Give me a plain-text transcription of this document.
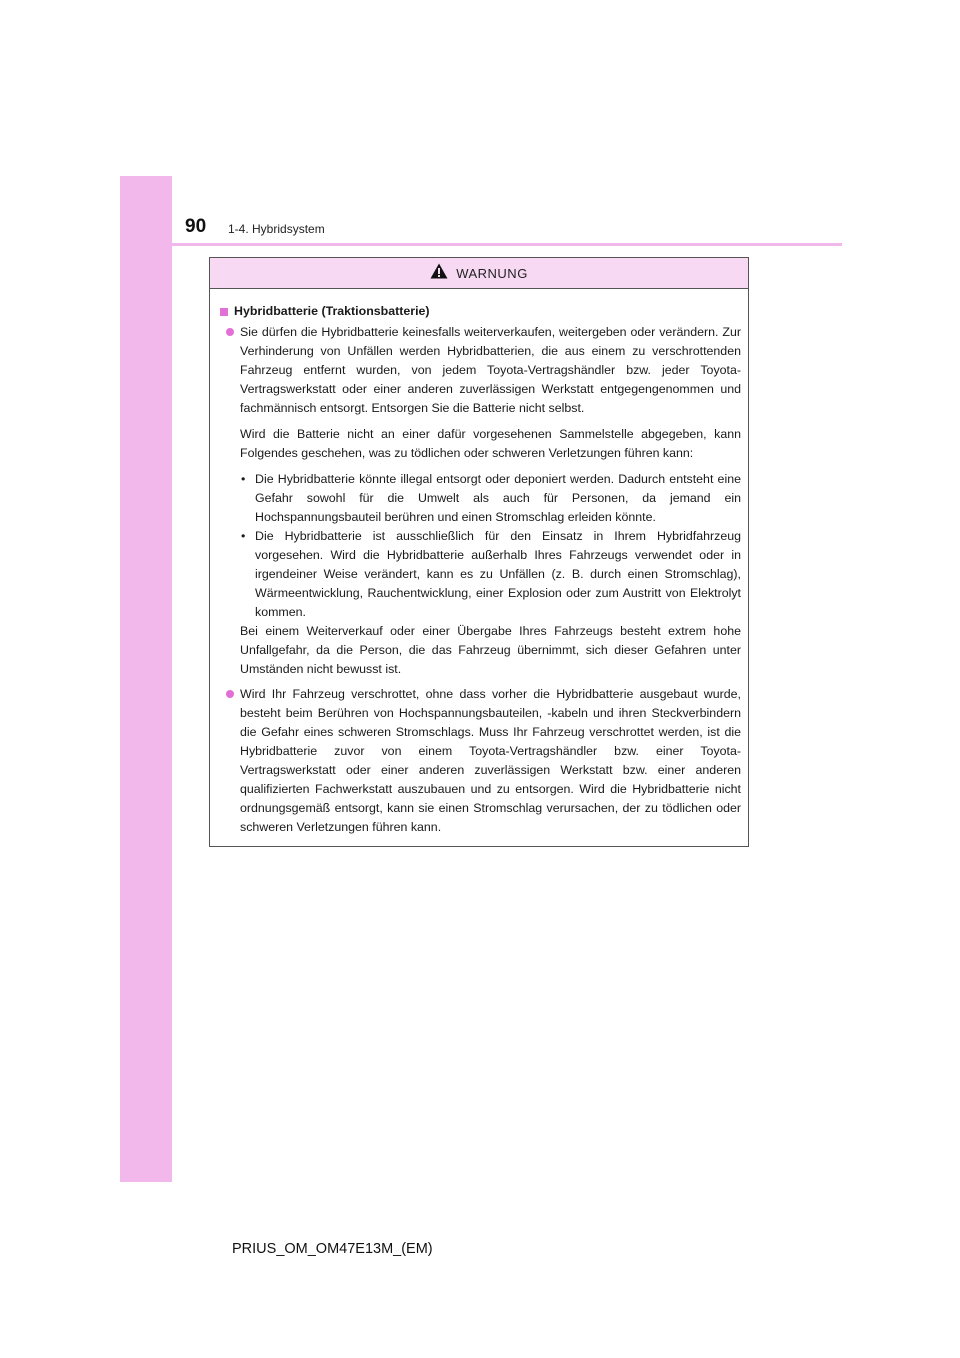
90 1-4. Hybridsystem
WARNUNG
Hybridbatterie (Traktionsbatterie)

Sie dürfen die Hybridbatterie keinesfalls weiterverkaufen, weitergeben oder verändern. Zur Verhinderung von Unfällen werden Hybridbatterien, die aus einem zu verschrottenden Fahrzeug entfernt wurden, von jedem Toyota-Vertragshändler bzw. jeder Toyota-Vertragswerkstatt oder einer anderen zuverlässigen Werkstatt entgegengenommen und fachmännisch entsorgt. Entsorgen Sie die Batterie nicht selbst.

Wird die Batterie nicht an einer dafür vorgesehenen Sammelstelle abgegeben, kann Folgendes geschehen, was zu tödlichen oder schweren Verletzungen führen kann:

• Die Hybridbatterie könnte illegal entsorgt oder deponiert werden. Dadurch entsteht eine Gefahr sowohl für die Umwelt als auch für Personen, da jemand ein Hochspannungsbauteil berühren und einen Stromschlag erleiden könnte.
• Die Hybridbatterie ist ausschließlich für den Einsatz in Ihrem Hybridfahrzeug vorgesehen. Wird die Hybridbatterie außerhalb Ihres Fahrzeugs verwendet oder in irgendeiner Weise verändert, kann es zu Unfällen (z. B. durch einen Stromschlag), Wärmeentwicklung, Rauchentwicklung, einer Explosion oder zum Austritt von Elektrolyt kommen.

Bei einem Weiterverkauf oder einer Übergabe Ihres Fahrzeugs besteht extrem hohe Unfallgefahr, da die Person, die das Fahrzeug übernimmt, sich dieser Gefahren unter Umständen nicht bewusst ist.

Wird Ihr Fahrzeug verschrottet, ohne dass vorher die Hybridbatterie ausgebaut wurde, besteht beim Berühren von Hochspannungsbauteilen, -kabeln und ihren Steckverbindern die Gefahr eines schweren Stromschlags. Muss Ihr Fahrzeug verschrottet werden, ist die Hybridbatterie zuvor von einem Toyota-Vertragshändler bzw. einer Toyota-Vertragswerkstatt oder einer anderen zuverlässigen Werkstatt bzw. einer anderen qualifizierten Fachwerkstatt auszubauen und zu entsorgen. Wird die Hybridbatterie nicht ordnungsgemäß entsorgt, kann sie einen Stromschlag verursachen, der zu tödlichen oder schweren Verletzungen führen kann.

PRIUS_OM_OM47E13M_(EM)
